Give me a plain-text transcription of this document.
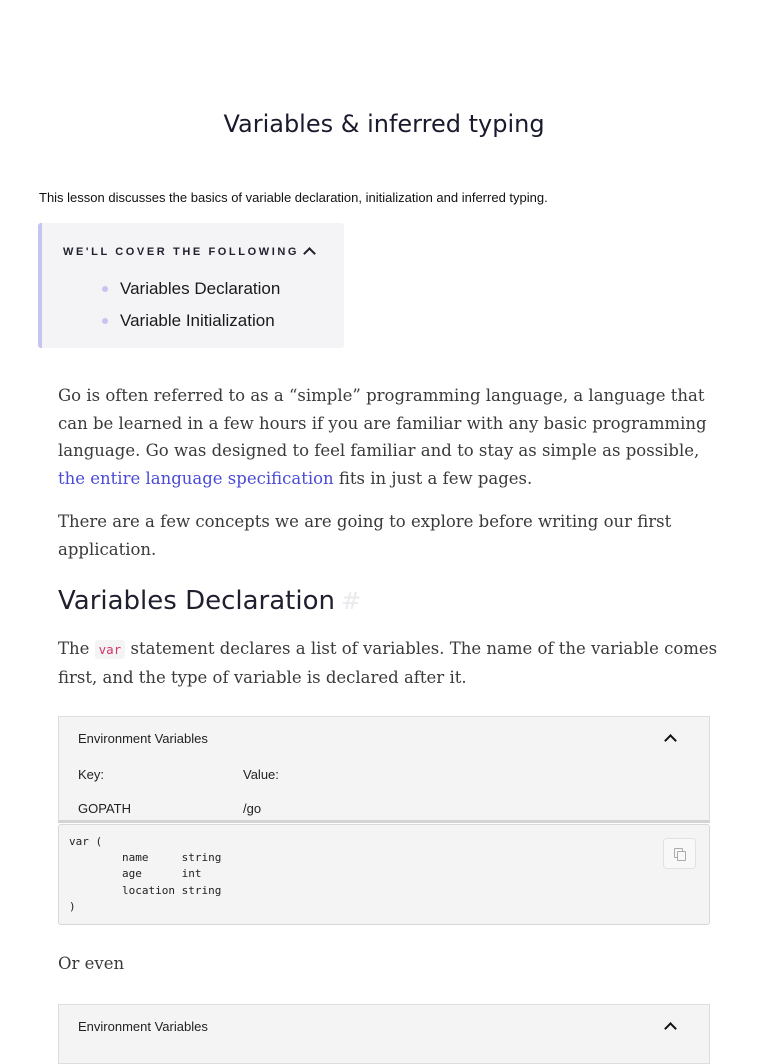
Variables & inferred typing
This lesson discusses the basics of variable declaration, initialization and inferred typing.
WE'LL COVER THE FOLLOWING
Variables Declaration
Variable Initialization

Go is often referred to as a “simple” programming language, a language that can be learned in a few hours if you are familiar with any basic programming language. Go was designed to feel familiar and to stay as simple as possible, the entire language specification fits in just a few pages.

There are a few concepts we are going to explore before writing our first application.

Variables Declaration #

The var statement declares a list of variables. The name of the variable comes first, and the type of variable is declared after it.

Environment Variables
Key:	Value:
GOPATH	/go
var (
name     string
age      int
location string
)

Or even

Environment Variables
